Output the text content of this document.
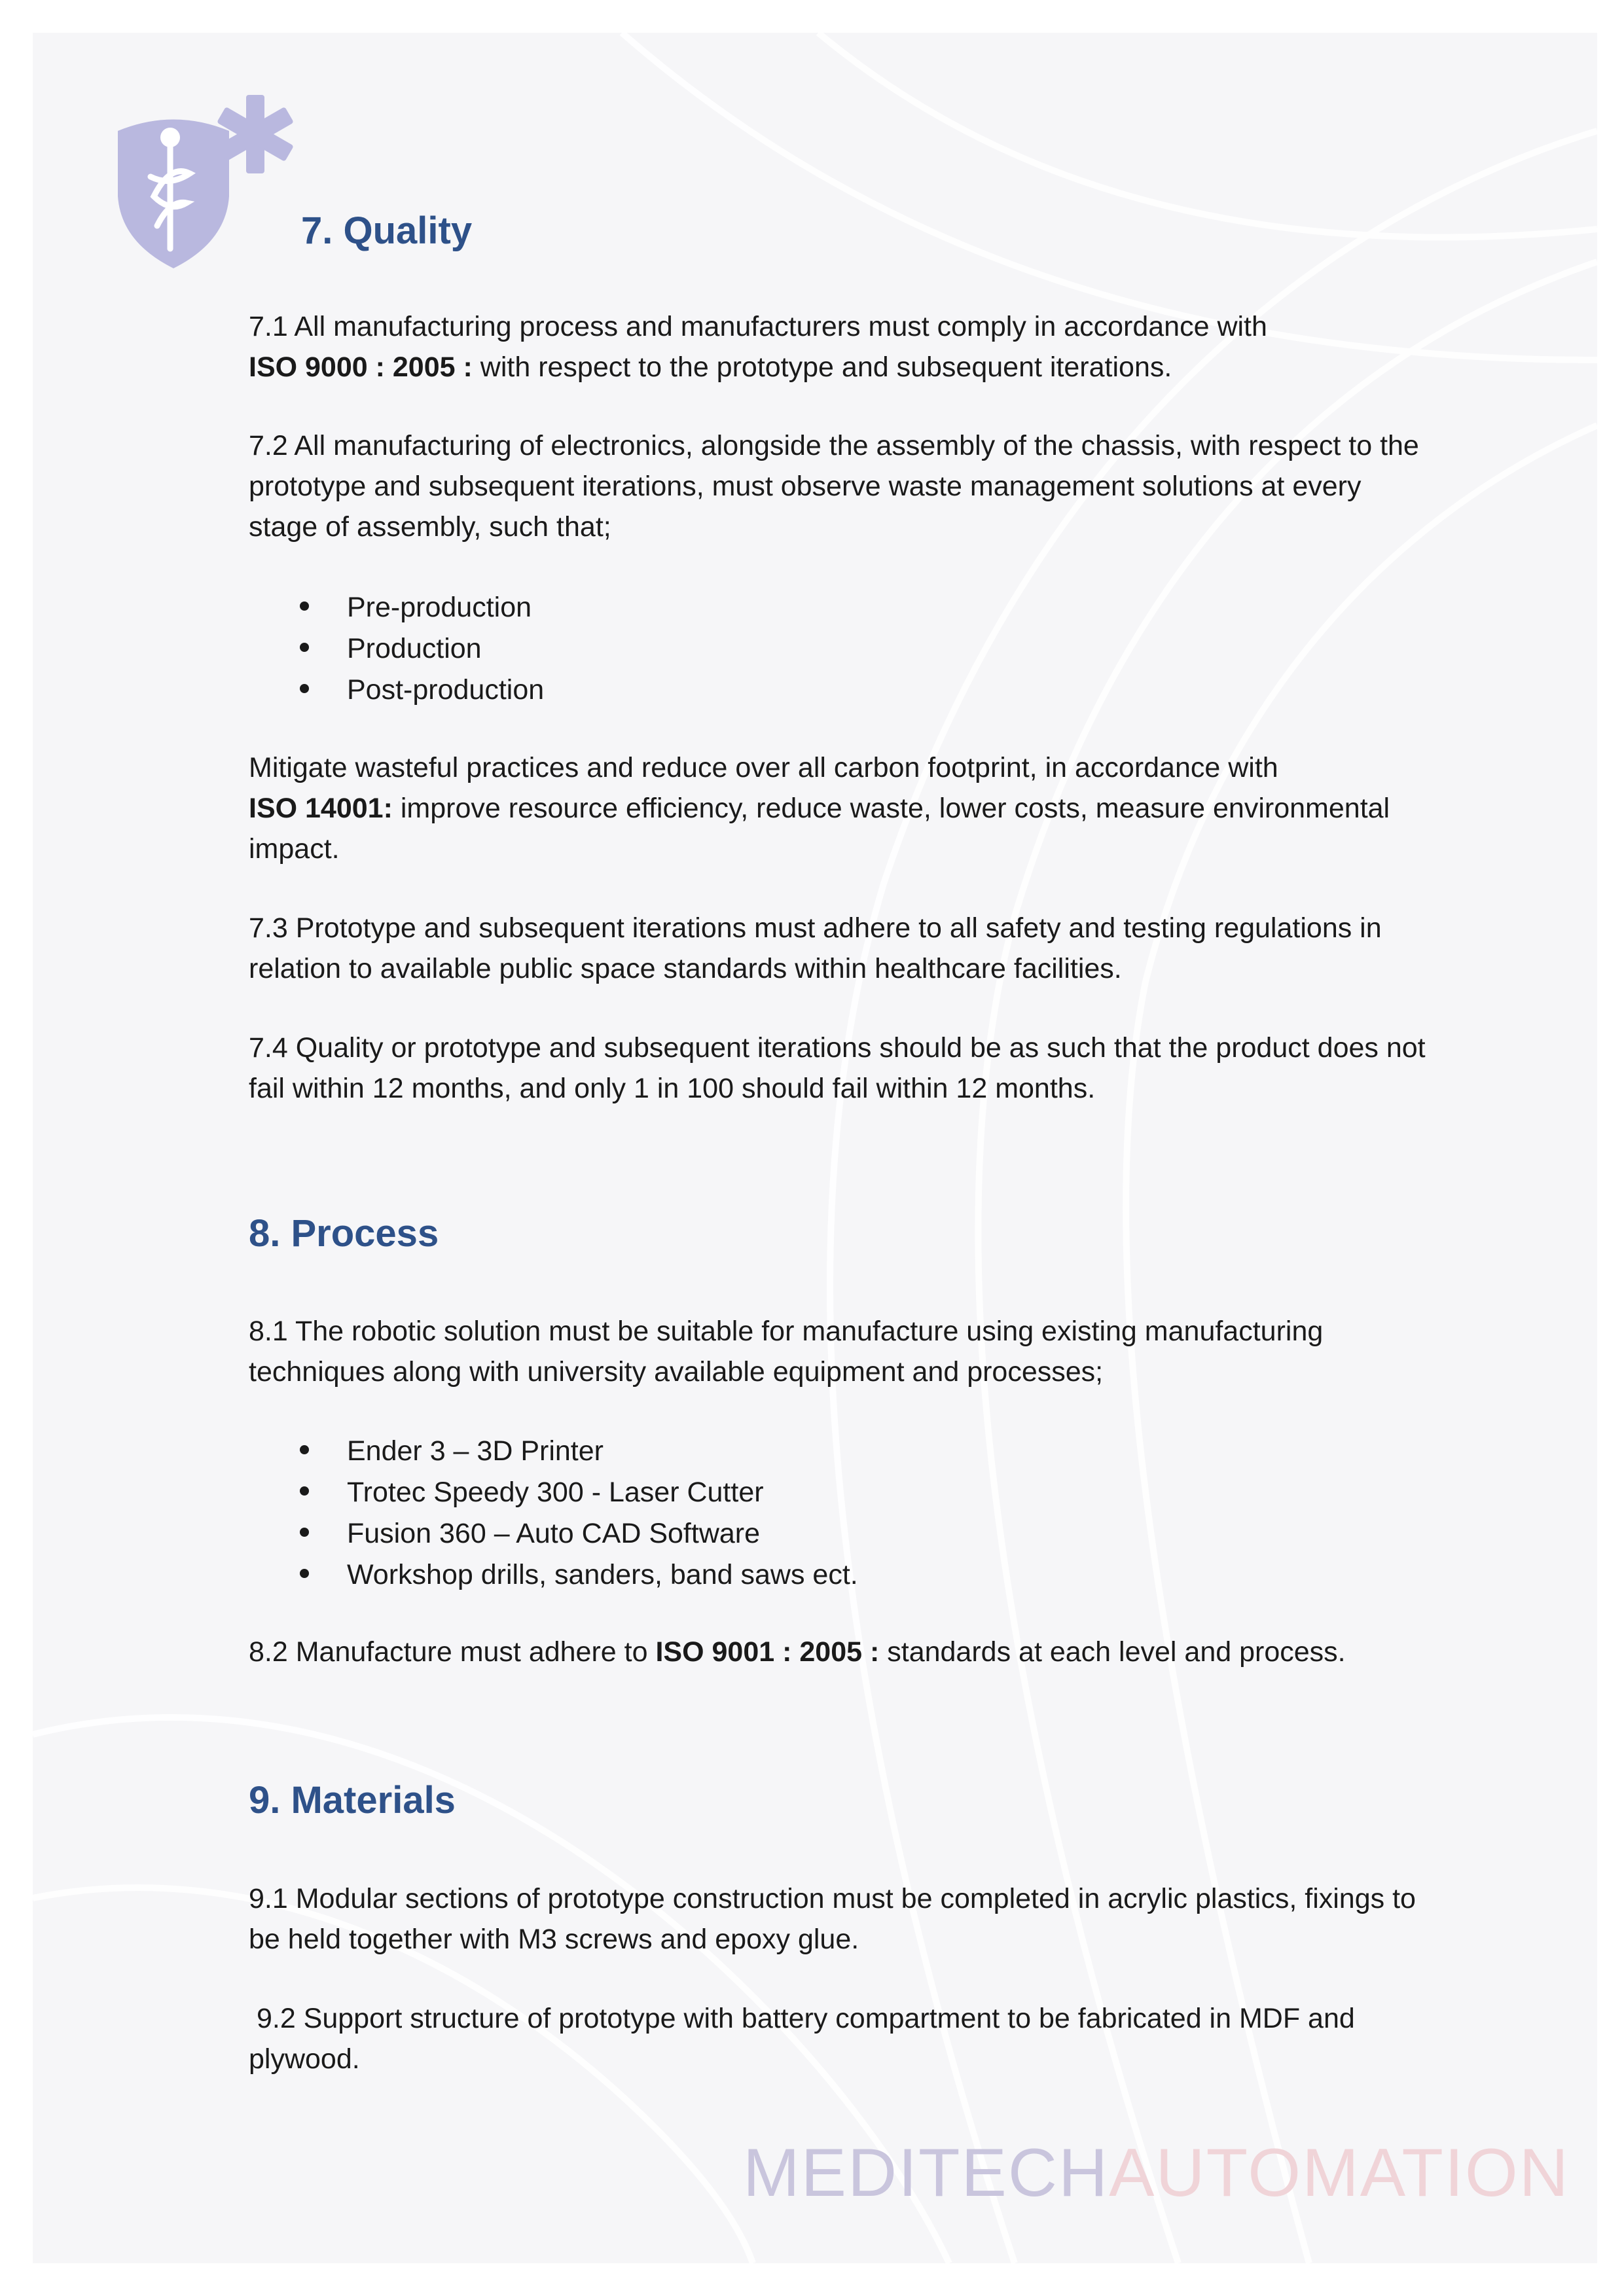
7. Quality

7.1 All manufacturing process and manufacturers must comply in accordance with
ISO 9000 : 2005 : with respect to the prototype and subsequent iterations.

7.2 All manufacturing of electronics, alongside the assembly of the chassis, with respect to the prototype and subsequent iterations, must observe waste management solutions at every stage of assembly, such that;

Pre-production
Production
Post-production

Mitigate wasteful practices and reduce over all carbon footprint, in accordance with
ISO 14001: improve resource efficiency, reduce waste, lower costs, measure environmental impact.

7.3 Prototype and subsequent iterations must adhere to all safety and testing regulations in relation to available public space standards within healthcare facilities.

7.4 Quality or prototype and subsequent iterations should be as such that the product does not fail within 12 months, and only 1 in 100 should fail within 12 months.

8. Process

8.1 The robotic solution must be suitable for manufacture using existing manufacturing techniques along with university available equipment and processes;

Ender 3 – 3D Printer
Trotec Speedy 300 - Laser Cutter
Fusion 360 – Auto CAD Software
Workshop drills, sanders, band saws ect.

8.2 Manufacture must adhere to ISO 9001 : 2005 : standards at each level and process.

9. Materials

9.1 Modular sections of prototype construction must be completed in acrylic plastics, fixings to be held together with M3 screws and epoxy glue.

9.2 Support structure of prototype with battery compartment to be fabricated in MDF and plywood.

MEDITECHAUTOMATION
